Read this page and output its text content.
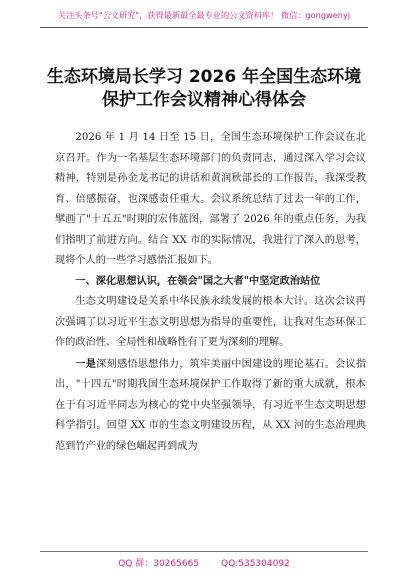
关注头条号"公文研究"，获得最新最全最专业的公文资料库！ 微信：gongwenyj
生态环境局长学习 2026 年全国生态环境
保护工作会议精神心得体会

2026 年 1 月 14 日至 15 日，全国生态环境保护工作会议在北京召开。作为一名基层生态环境部门的负责同志，通过深入学习会议精神，特别是孙金龙书记的讲话和黄润秋部长的工作报告，我深受教育、倍感振奋，也深感责任重大。会议系统总结了过去一年的工作，擘画了"十五五"时期的宏伟蓝图，部署了 2026 年的重点任务，为我们指明了前进方向。结合 XX 市的实际情况，我进行了深入的思考，现将个人的一些学习感悟汇报如下。

一、深化思想认识，在领会"国之大者"中坚定政治站位

生态文明建设是关系中华民族永续发展的根本大计。这次会议再次强调了以习近平生态文明思想为指导的重要性，让我对生态环保工作的政治性、全局性和战略性有了更为深刻的理解。

一是深刻感悟思想伟力，筑牢美丽中国建设的理论基石。会议指出，"十四五"时期我国生态环境保护工作取得了新的重大成就，根本在于有习近平同志为核心的党中央坚强领导，有习近平生态文明思想科学指引。回望 XX 市的生态文明建设历程，从 XX 河的生态治理典范到竹产业的绿色崛起再到成为

QQ 群：30265665 QQ:535304092
